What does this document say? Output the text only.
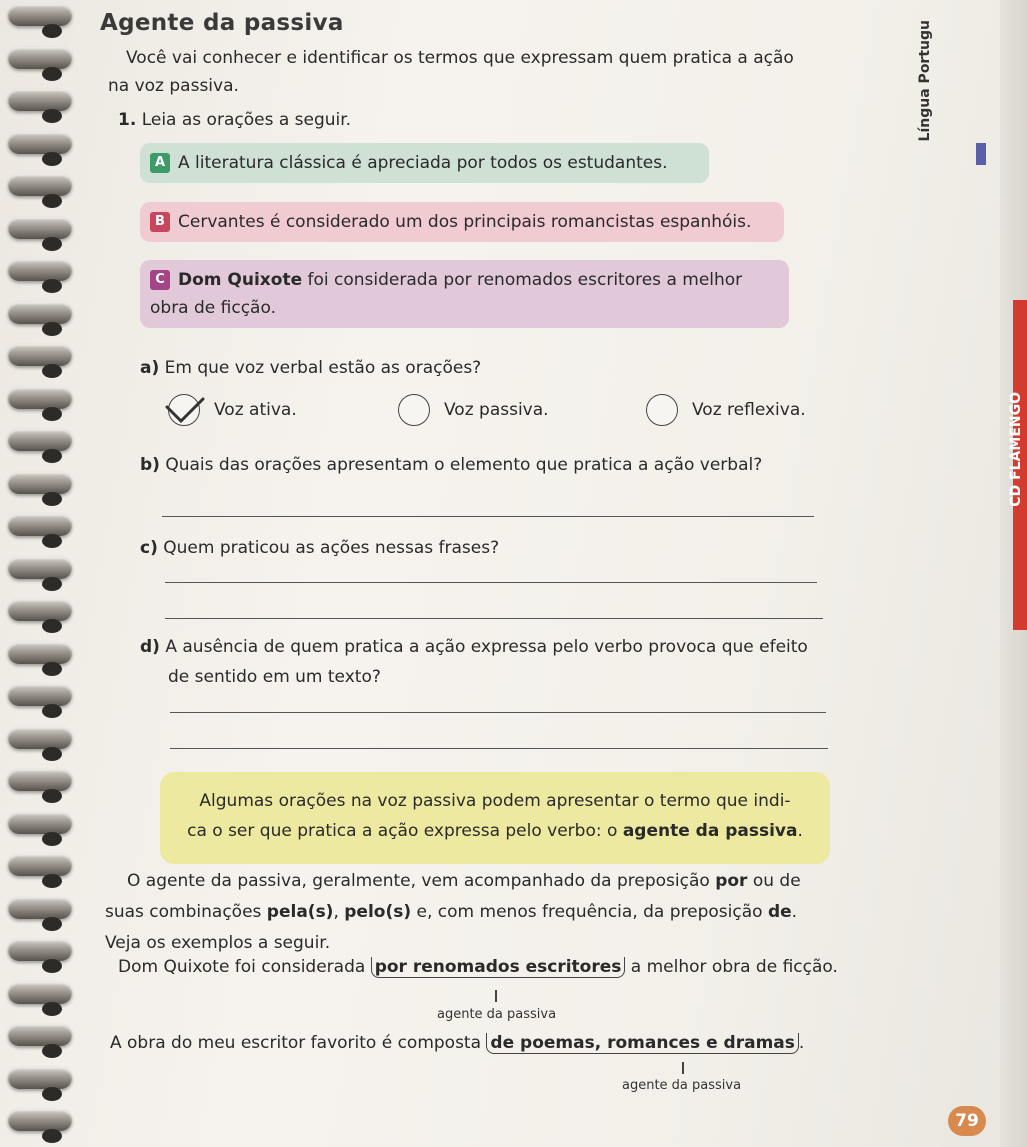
Agente da passiva
Você vai conhecer e identificar os termos que expressam quem pratica a ação
na voz passiva.
1. Leia as orações a seguir.
A A literatura clássica é apreciada por todos os estudantes.
B Cervantes é considerado um dos principais romancistas espanhóis.
C Dom Quixote foi considerada por renomados escritores a melhor
obra de ficção.
a) Em que voz verbal estão as orações?
Voz ativa.	Voz passiva.	Voz reflexiva.
b) Quais das orações apresentam o elemento que pratica a ação verbal?
c) Quem praticou as ações nessas frases?
d) A ausência de quem pratica a ação expressa pelo verbo provoca que efeito
de sentido em um texto?
Algumas orações na voz passiva podem apresentar o termo que indi-
ca o ser que pratica a ação expressa pelo verbo: o agente da passiva.
O agente da passiva, geralmente, vem acompanhado da preposição por ou de
suas combinações pela(s), pelo(s) e, com menos frequência, da preposição de.
Veja os exemplos a seguir.
Dom Quixote foi considerada por renomados escritores a melhor obra de ficção.
agente da passiva
A obra do meu escritor favorito é composta de poemas, romances e dramas .
agente da passiva
Língua Portugu
CD FLAMENGO
79
